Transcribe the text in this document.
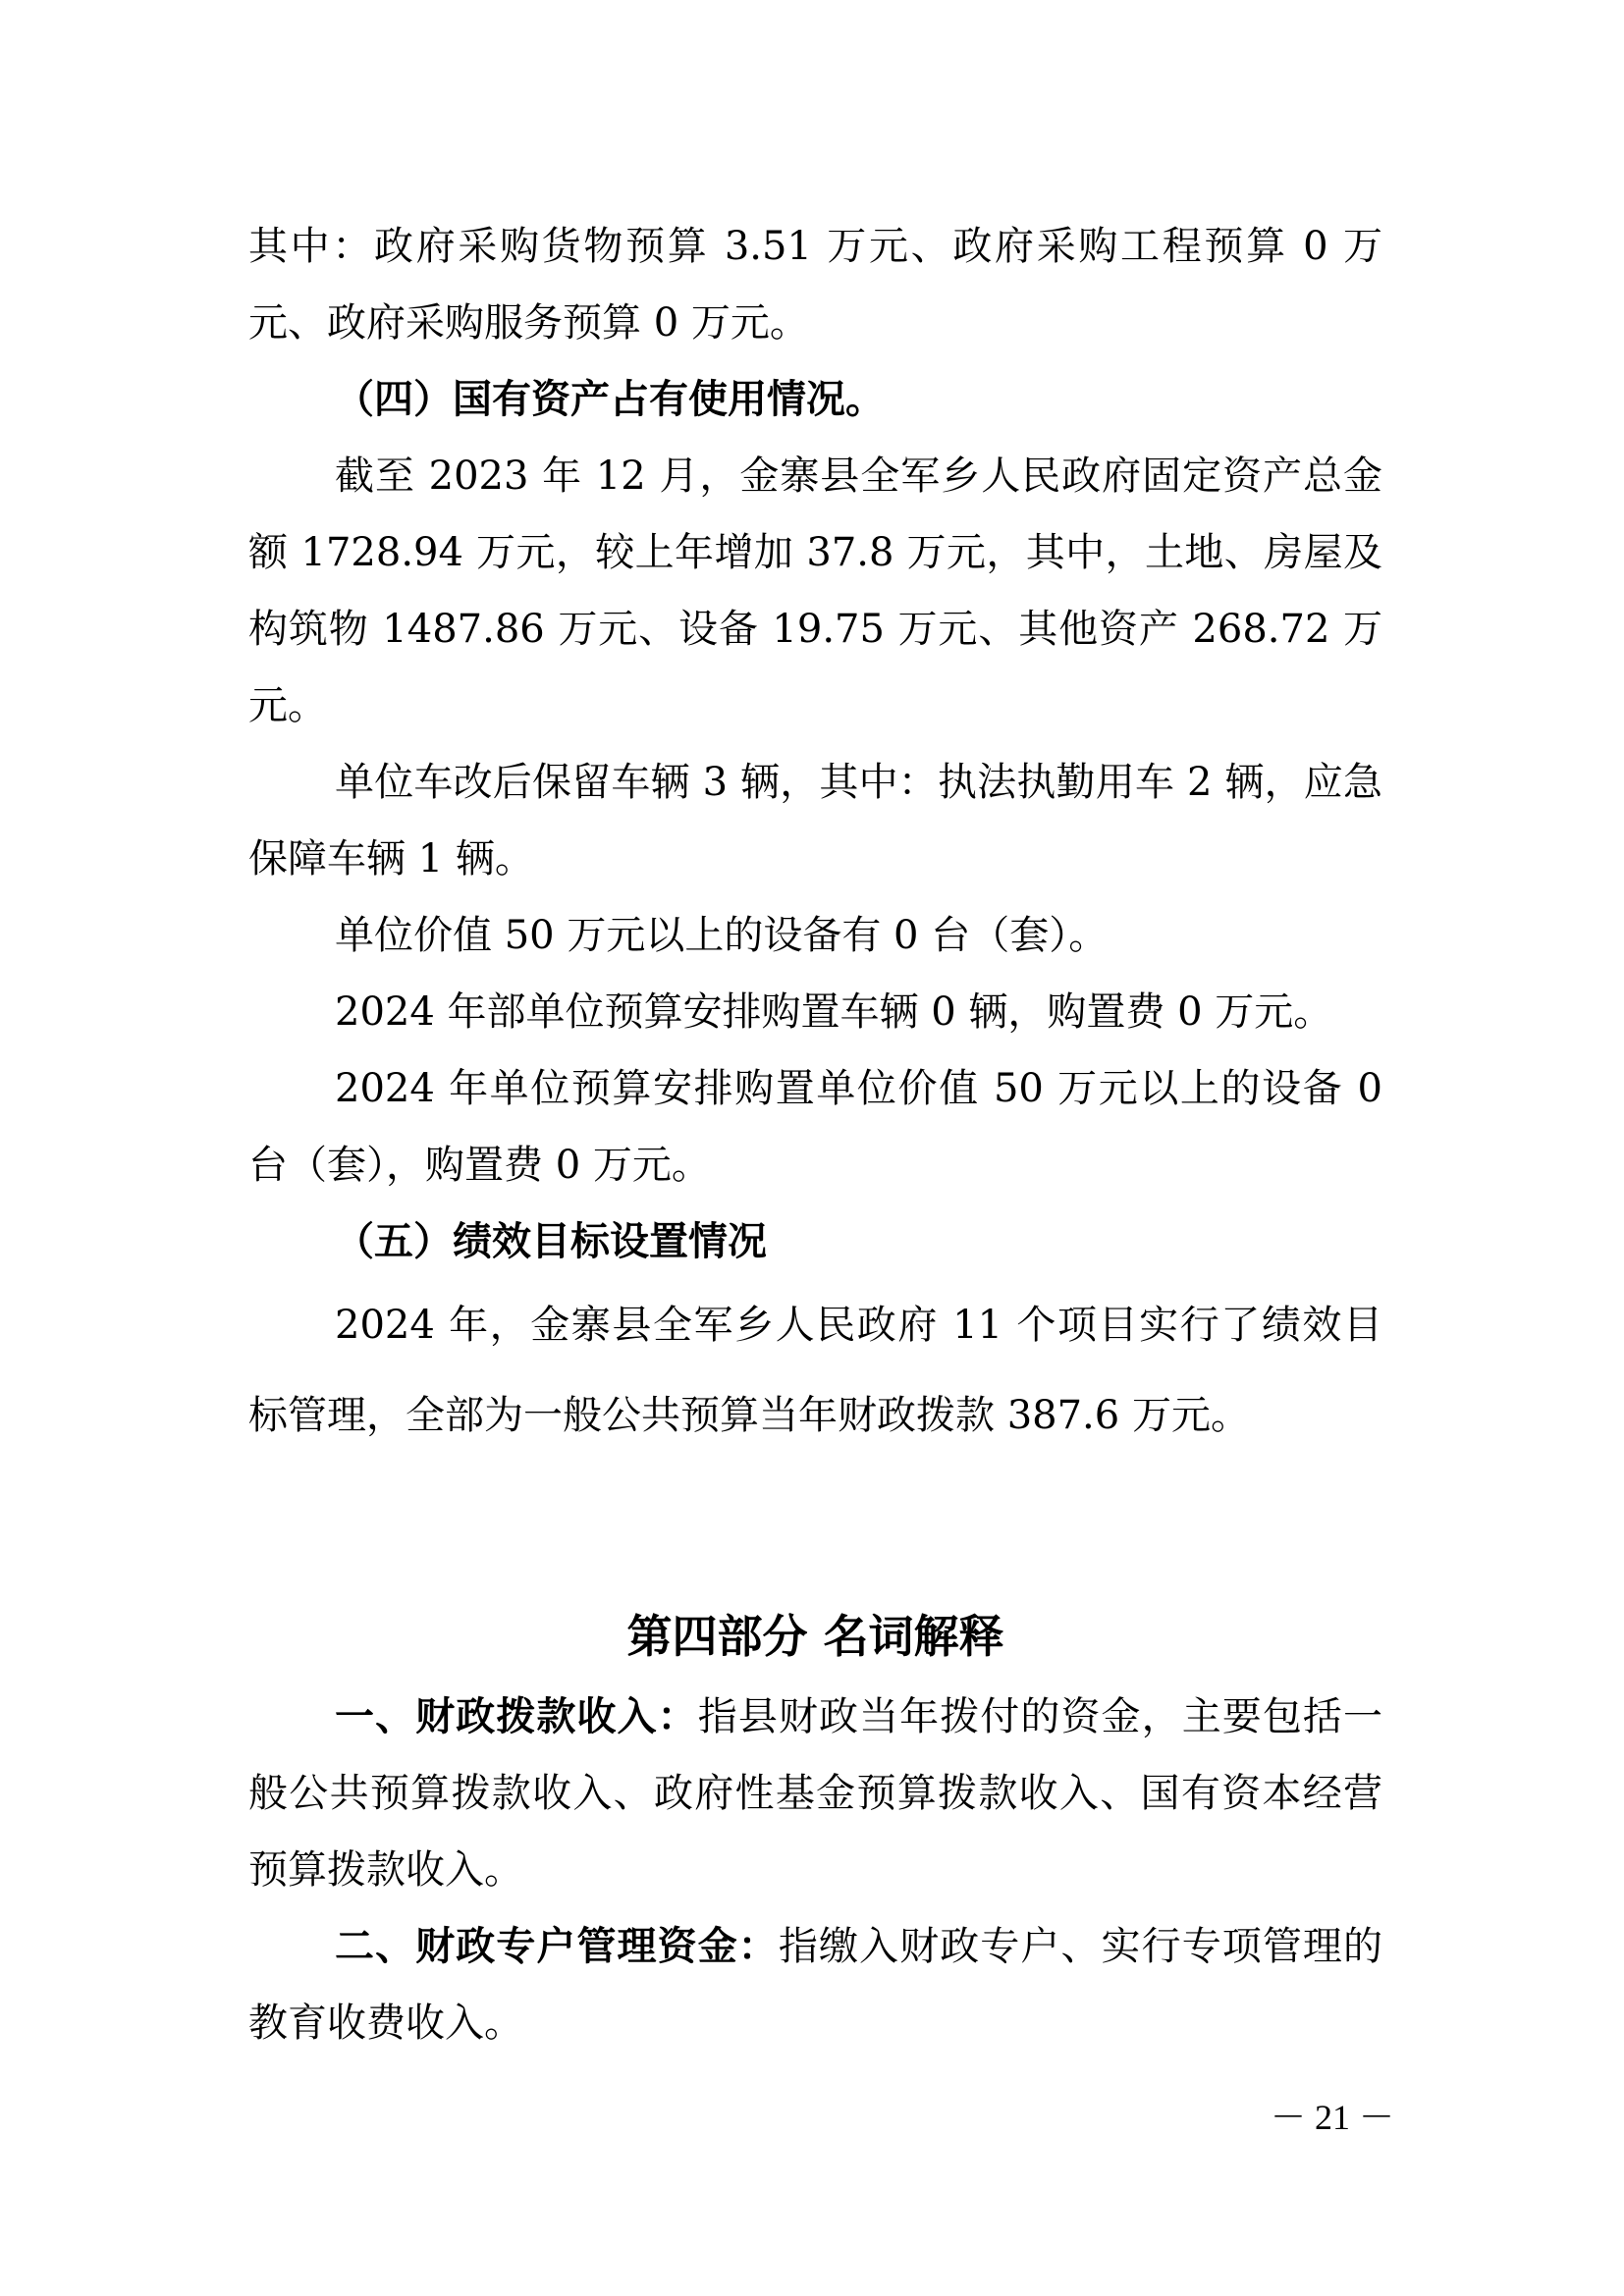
其中：政府采购货物预算 3.51 万元、政府采购工程预算 0 万元、政府采购服务预算 0 万元。

（四）国有资产占有使用情况。

截至 2023 年 12 月，金寨县全军乡人民政府固定资产总金额 1728.94 万元，较上年增加 37.8 万元，其中，土地、房屋及构筑物 1487.86 万元、设备 19.75 万元、其他资产 268.72 万元。

单位车改后保留车辆 3 辆，其中：执法执勤用车 2 辆，应急保障车辆 1 辆。

单位价值 50 万元以上的设备有 0 台（套）。

2024 年部单位预算安排购置车辆 0 辆，购置费 0 万元。

2024 年单位预算安排购置单位价值 50 万元以上的设备 0 台（套），购置费 0 万元。

（五）绩效目标设置情况

2024 年，金寨县全军乡人民政府 11 个项目实行了绩效目标管理，全部为一般公共预算当年财政拨款 387.6 万元。

第四部分 名词解释

一、财政拨款收入：指县财政当年拨付的资金，主要包括一般公共预算拨款收入、政府性基金预算拨款收入、国有资本经营预算拨款收入。

二、财政专户管理资金：指缴入财政专户、实行专项管理的教育收费收入。

－ 21 －
